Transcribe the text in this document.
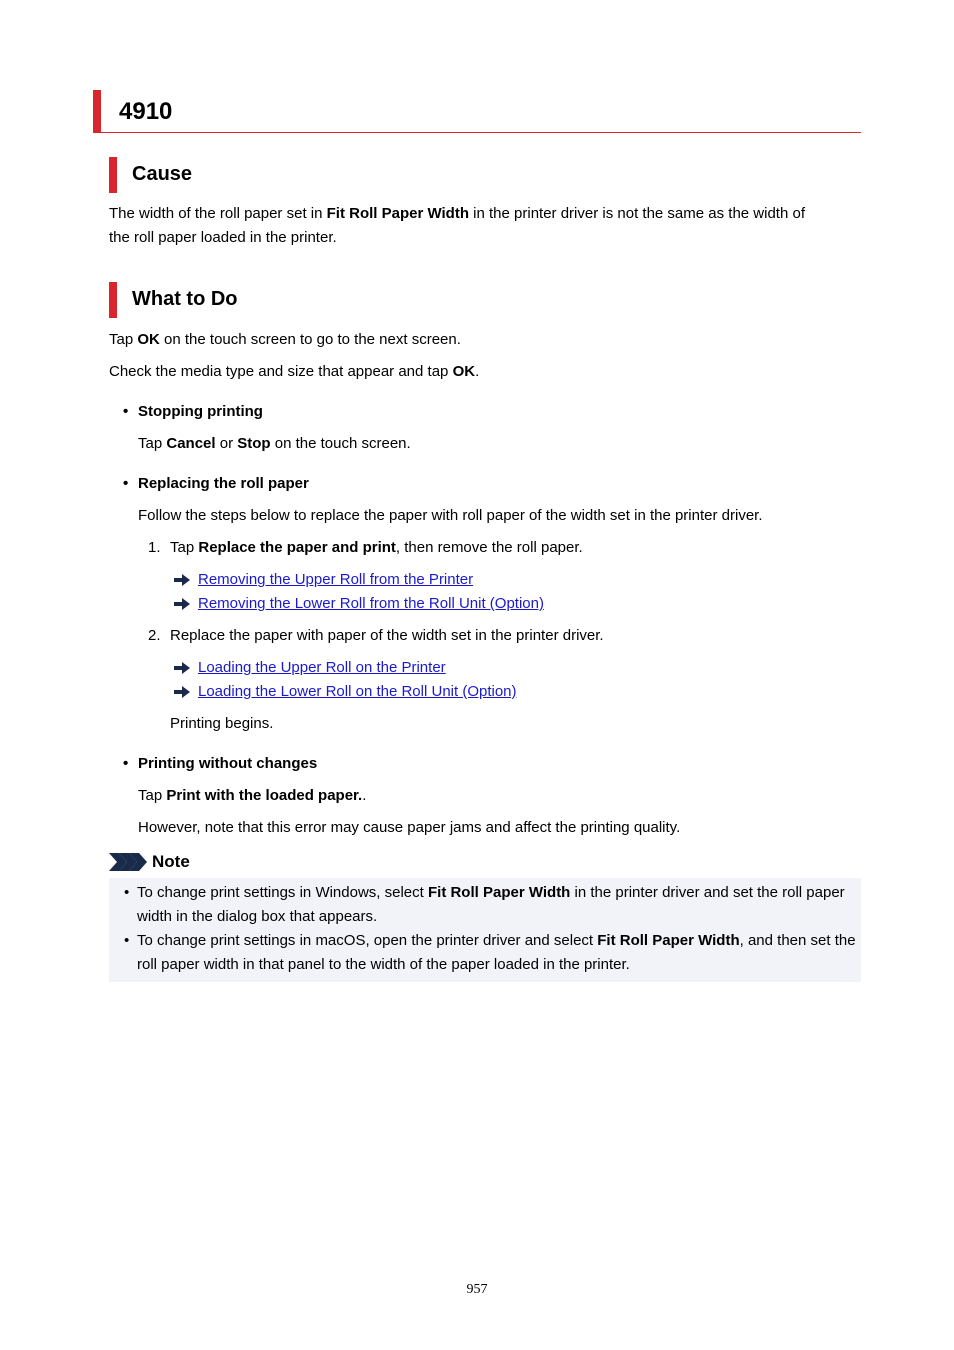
4910
Cause
The width of the roll paper set in Fit Roll Paper Width in the printer driver is not the same as the width of
the roll paper loaded in the printer.
What to Do
Tap OK on the touch screen to go to the next screen.
Check the media type and size that appear and tap OK.
• Stopping printing
Tap Cancel or Stop on the touch screen.
• Replacing the roll paper
Follow the steps below to replace the paper with roll paper of the width set in the printer driver.
1. Tap Replace the paper and print, then remove the roll paper.
Removing the Upper Roll from the Printer
Removing the Lower Roll from the Roll Unit (Option)
2. Replace the paper with paper of the width set in the printer driver.
Loading the Upper Roll on the Printer
Loading the Lower Roll on the Roll Unit (Option)
Printing begins.
• Printing without changes
Tap Print with the loaded paper..
However, note that this error may cause paper jams and affect the printing quality.
Note
• To change print settings in Windows, select Fit Roll Paper Width in the printer driver and set the roll paper width in the dialog box that appears.
• To change print settings in macOS, open the printer driver and select Fit Roll Paper Width, and then set the roll paper width in that panel to the width of the paper loaded in the printer.
957
